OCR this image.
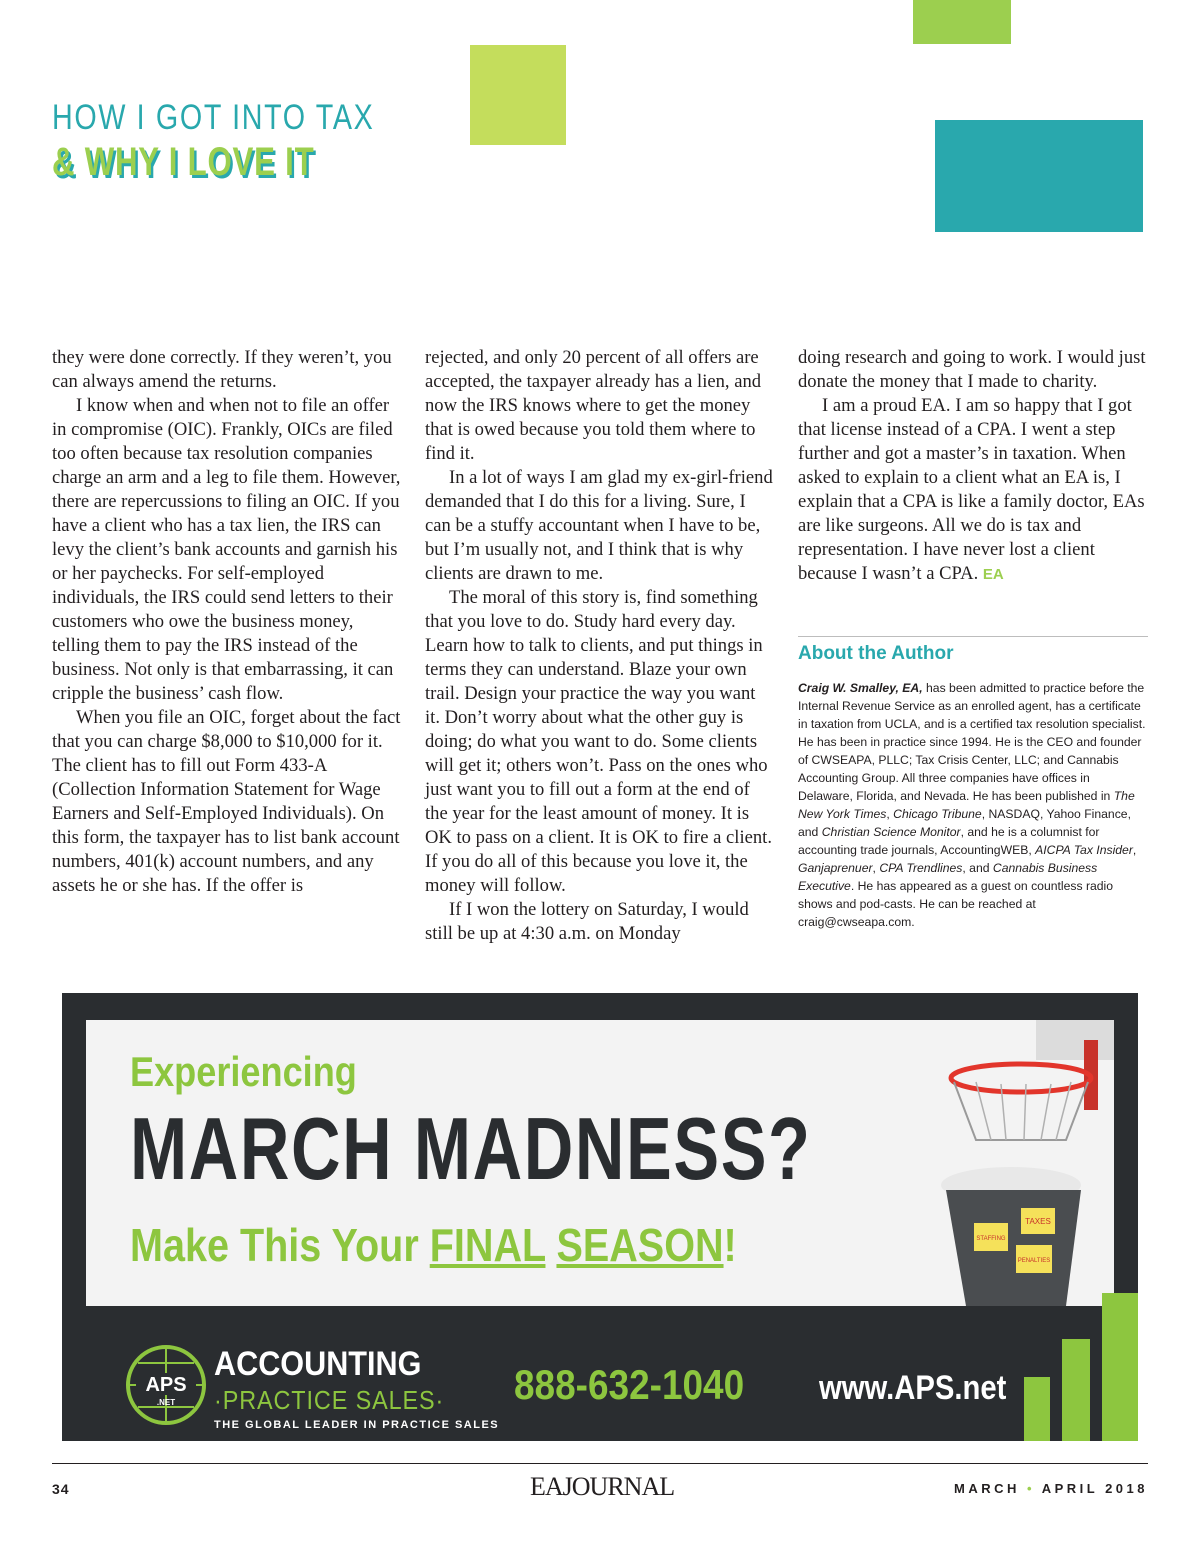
HOW I GOT INTO TAX
& WHY I LOVE IT

they were done correctly. If they weren’t, you can always amend the returns.

I know when and when not to file an offer in compromise (OIC). Frankly, OICs are filed too often because tax resolution companies charge an arm and a leg to file them. However, there are repercussions to filing an OIC. If you have a client who has a tax lien, the IRS can levy the client’s bank accounts and garnish his or her paychecks. For self-employed individuals, the IRS could send letters to their customers who owe the business money, telling them to pay the IRS instead of the business. Not only is that embarrassing, it can cripple the business’ cash flow.

When you file an OIC, forget about the fact that you can charge $8,000 to $10,000 for it. The client has to fill out Form 433-A (Collection Information Statement for Wage Earners and Self-Employed Individuals). On this form, the taxpayer has to list bank account numbers, 401(k) account numbers, and any assets he or she has. If the offer is

rejected, and only 20 percent of all offers are accepted, the taxpayer already has a lien, and now the IRS knows where to get the money that is owed because you told them where to find it.

In a lot of ways I am glad my ex-girl-friend demanded that I do this for a living. Sure, I can be a stuffy accountant when I have to be, but I’m usually not, and I think that is why clients are drawn to me.

The moral of this story is, find something that you love to do. Study hard every day. Learn how to talk to clients, and put things in terms they can understand. Blaze your own trail. Design your practice the way you want it. Don’t worry about what the other guy is doing; do what you want to do. Some clients will get it; others won’t. Pass on the ones who just want you to fill out a form at the end of the year for the least amount of money. It is OK to pass on a client. It is OK to fire a client. If you do all of this because you love it, the money will follow.

If I won the lottery on Saturday, I would still be up at 4:30 a.m. on Monday

doing research and going to work. I would just donate the money that I made to charity.

I am a proud EA. I am so happy that I got that license instead of a CPA. I went a step further and got a master’s in taxation. When asked to explain to a client what an EA is, I explain that a CPA is like a family doctor, EAs are like surgeons. All we do is tax and representation. I have never lost a client because I wasn’t a CPA. EA

About the Author

Craig W. Smalley, EA, has been admitted to practice before the Internal Revenue Service as an enrolled agent, has a certificate in taxation from UCLA, and is a certified tax resolution specialist. He has been in practice since 1994. He is the CEO and founder of CWSEAPA, PLLC; Tax Crisis Center, LLC; and Cannabis Accounting Group. All three companies have offices in Delaware, Florida, and Nevada. He has been published in The New York Times, Chicago Tribune, NASDAQ, Yahoo Finance, and Christian Science Monitor, and he is a columnist for accounting trade journals, AccountingWEB, AICPA Tax Insider, Ganjaprenuer, CPA Trendlines, and Cannabis Business Executive. He has appeared as a guest on countless radio shows and pod-casts. He can be reached at craig@cwseapa.com.

Experiencing

MARCH MADNESS?

Make This Your FINAL SEASON!	TAXES
STAFFING
PENALTIES
APS
.NET

ACCOUNTING

·PRACTICE SALES·

THE GLOBAL LEADER IN PRACTICE SALES

888-632-1040 www.APS.net

34	EAJOURNAL	MARCH • APRIL 2018
